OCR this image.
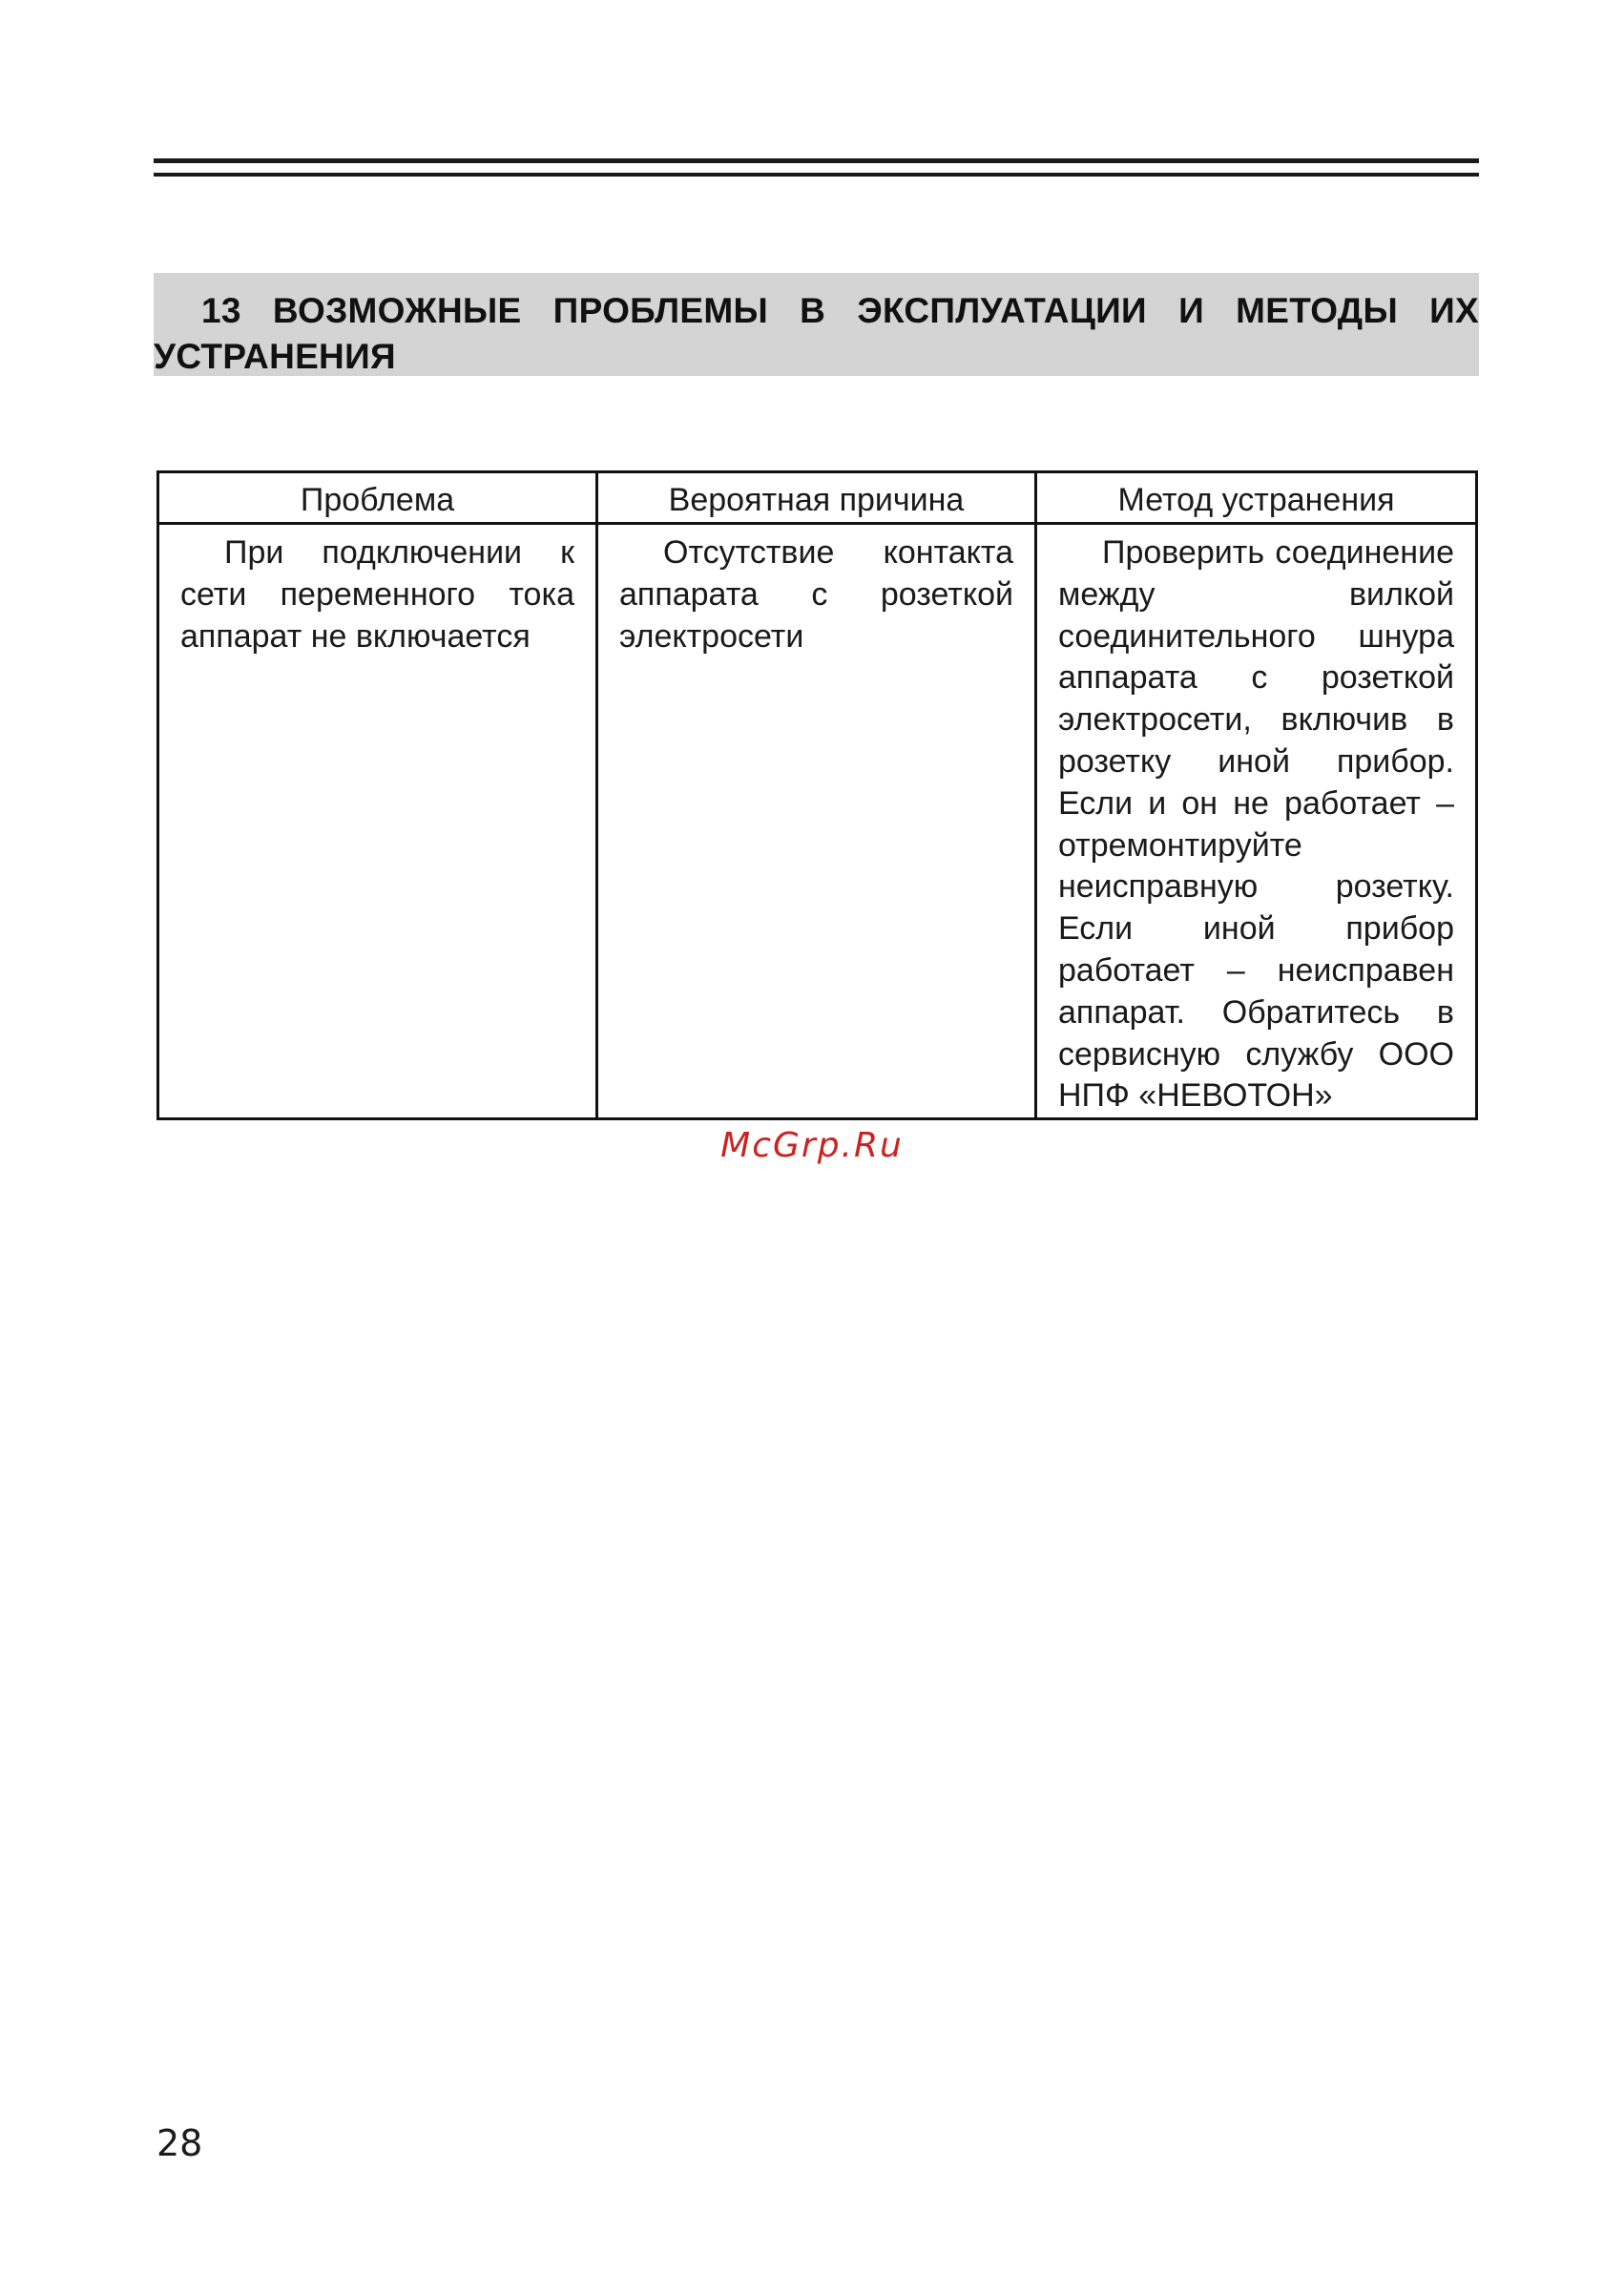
13 ВОЗМОЖНЫЕ ПРОБЛЕМЫ В ЭКСПЛУАТАЦИИ И МЕТОДЫ ИХ УСТРАНЕНИЯ
Проблема	Вероятная причина	Метод устранения
При подключении к сети переменного тока аппарат не включается	Отсутствие контакта аппарата с розеткой электросети	Проверить соединение между вилкой соединительного шнура аппарата с розеткой электросети, включив в розетку иной прибор. Если и он не работает – отремонтируйте неисправную розетку. Если иной прибор работает – неисправен аппарат. Обратитесь в сервисную службу ООО НПФ «НЕВОТОН»
McGrp.Ru
28
